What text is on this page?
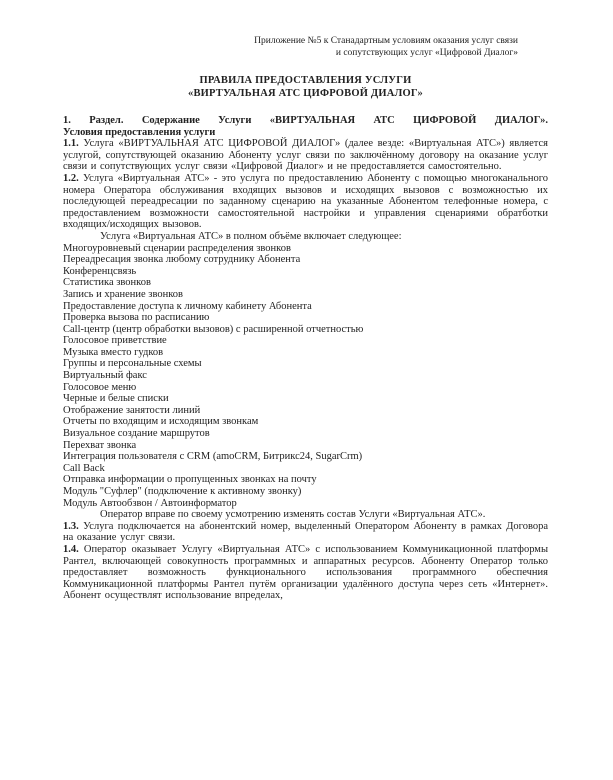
Приложение №5 к Станадартным условиям оказания услуг связи
и сопутствующих услуг «Цифровой Диалог»
ПРАВИЛА ПРЕДОСТАВЛЕНИЯ УСЛУГИ
«ВИРТУАЛЬНАЯ АТС ЦИФРОВОЙ ДИАЛОГ»
1. Раздел. Содержание Услуги «ВИРТУАЛЬНАЯ АТС ЦИФРОВОЙ ДИАЛОГ».
Условия предоставления услуги

1.1. Услуга «ВИРТУАЛЬНАЯ АТС ЦИФРОВОЙ ДИАЛОГ» (далее везде: «Виртуальная АТС») является услугой, сопутствующей оказанию Абоненту услуг связи по заключённому договору на оказание услуг связи и сопутствующих услуг связи «Цифровой Диалог» и не предоставляется самостоятельно.

1.2. Услуга «Виртуальная АТС» - это услуга по предоставлению Абоненту с помощью многоканального номера Оператора обслуживания входящих вызовов и исходящих вызовов с возможностью их последующей переадресации по заданному сценарию на указанные Абонентом телефонные номера, с предоставлением возможности самостоятельной настройки и управления сценариями обратботки входящих/исходящих вызовов.

Услуга «Виртуальная АТС» в полном объёме включает следующее:

Многоуровневый сценарии распределения звонков
Переадресация звонка любому сотруднику Абонента
Конференцсвязь
Статистика звонков
Запись и хранение звонков
Предоставление доступа к личному кабинету Абонента
Проверка вызова по расписанию
Call-центр (центр обработки вызовов) с расширенной отчетностью
Голосовое приветствие
Музыка вместо гудков
Группы и персональные схемы
Виртуальный факс
Голосовое меню
Черные и белые списки
Отображение занятости линий
Отчеты по входящим и исходящим звонкам
Визуальное создание маршрутов
Перехват звонка
Интеграция пользователя с CRM (amoCRM, Битрикс24, SugarCrm)
Call Back
Отправка информации о пропущенных звонках на почту
Модуль "Суфлер" (подключение к активному звонку)
Модуль Автообзвон / Автоинформатор

Оператор вправе по своему усмотрению изменять состав Услуги «Виртуальная АТС».

1.3. Услуга подключается на абонентский номер, выделенный Оператором Абоненту в рамках Договора на оказание услуг связи.

1.4. Оператор оказывает Услугу «Виртуальная АТС» с использованием Коммуникационной платформы Рантел, включающей совокупность программных и аппаратных ресурсов. Абоненту Оператор только предоставляет возможность функционального использования программного обеспечния Коммуникационной платформы Рантел путём организации удалённого доступа через сеть «Интернет». Абонент осуществлят использование впределах,
